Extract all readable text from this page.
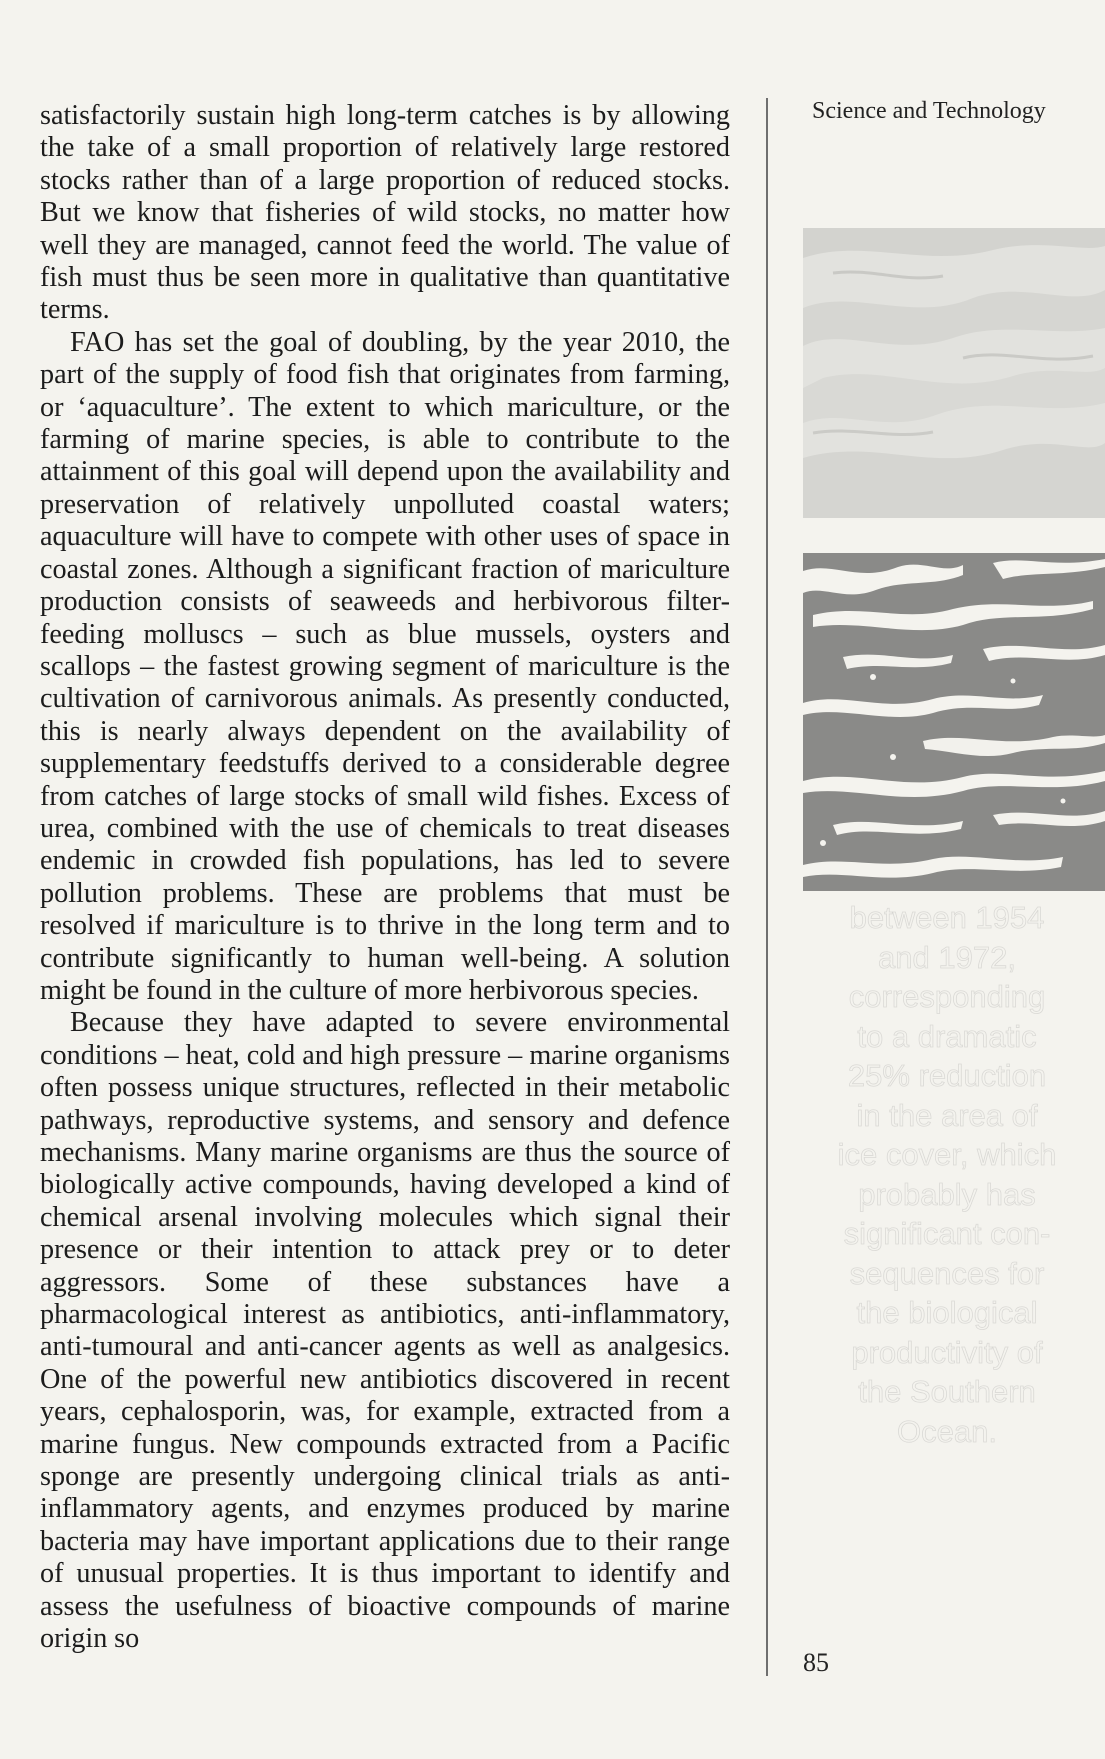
satisfactorily sustain high long-term catches is by allowing the take of a small proportion of relatively large restored stocks rather than of a large proportion of reduced stocks. But we know that fisheries of wild stocks, no matter how well they are managed, cannot feed the world. The value of fish must thus be seen more in qualitative than quantitative terms.

FAO has set the goal of doubling, by the year 2010, the part of the supply of food fish that originates from farming, or ‘aquaculture’. The extent to which mariculture, or the farming of marine species, is able to contribute to the attainment of this goal will depend upon the availability and preservation of relatively unpolluted coastal waters; aquaculture will have to compete with other uses of space in coastal zones. Although a significant fraction of mariculture production consists of seaweeds and herbivorous filter-feeding molluscs – such as blue mussels, oysters and scallops – the fastest growing segment of mariculture is the cultivation of carnivorous animals. As presently conducted, this is nearly always dependent on the availability of supplementary feedstuffs derived to a considerable degree from catches of large stocks of small wild fishes. Excess of urea, combined with the use of chemicals to treat diseases endemic in crowded fish populations, has led to severe pollution problems. These are problems that must be resolved if mariculture is to thrive in the long term and to contribute significantly to human well-being. A solution might be found in the culture of more herbivorous species.

Because they have adapted to severe environmental conditions – heat, cold and high pressure – marine organisms often possess unique structures, reflected in their metabolic pathways, reproductive systems, and sensory and defence mechanisms. Many marine organisms are thus the source of biologically active compounds, having developed a kind of chemical arsenal involving molecules which signal their presence or their intention to attack prey or to deter aggressors. Some of these substances have a pharmacological interest as antibiotics, anti-inflammatory, anti-tumoural and anti-cancer agents as well as analgesics. One of the powerful new antibiotics discovered in recent years, cephalosporin, was, for example, extracted from a marine fungus. New compounds extracted from a Pacific sponge are presently undergoing clinical trials as anti-inflammatory agents, and enzymes produced by marine bacteria may have important applications due to their range of unusual properties. It is thus important to identify and assess the usefulness of bioactive compounds of marine origin so

Science and Technology
between 1954
and 1972,
corresponding
to a dramatic
25% reduction
in the area of
ice cover, which
probably has
significant con-
sequences for
the biological
productivity of
the Southern
Ocean.
85
